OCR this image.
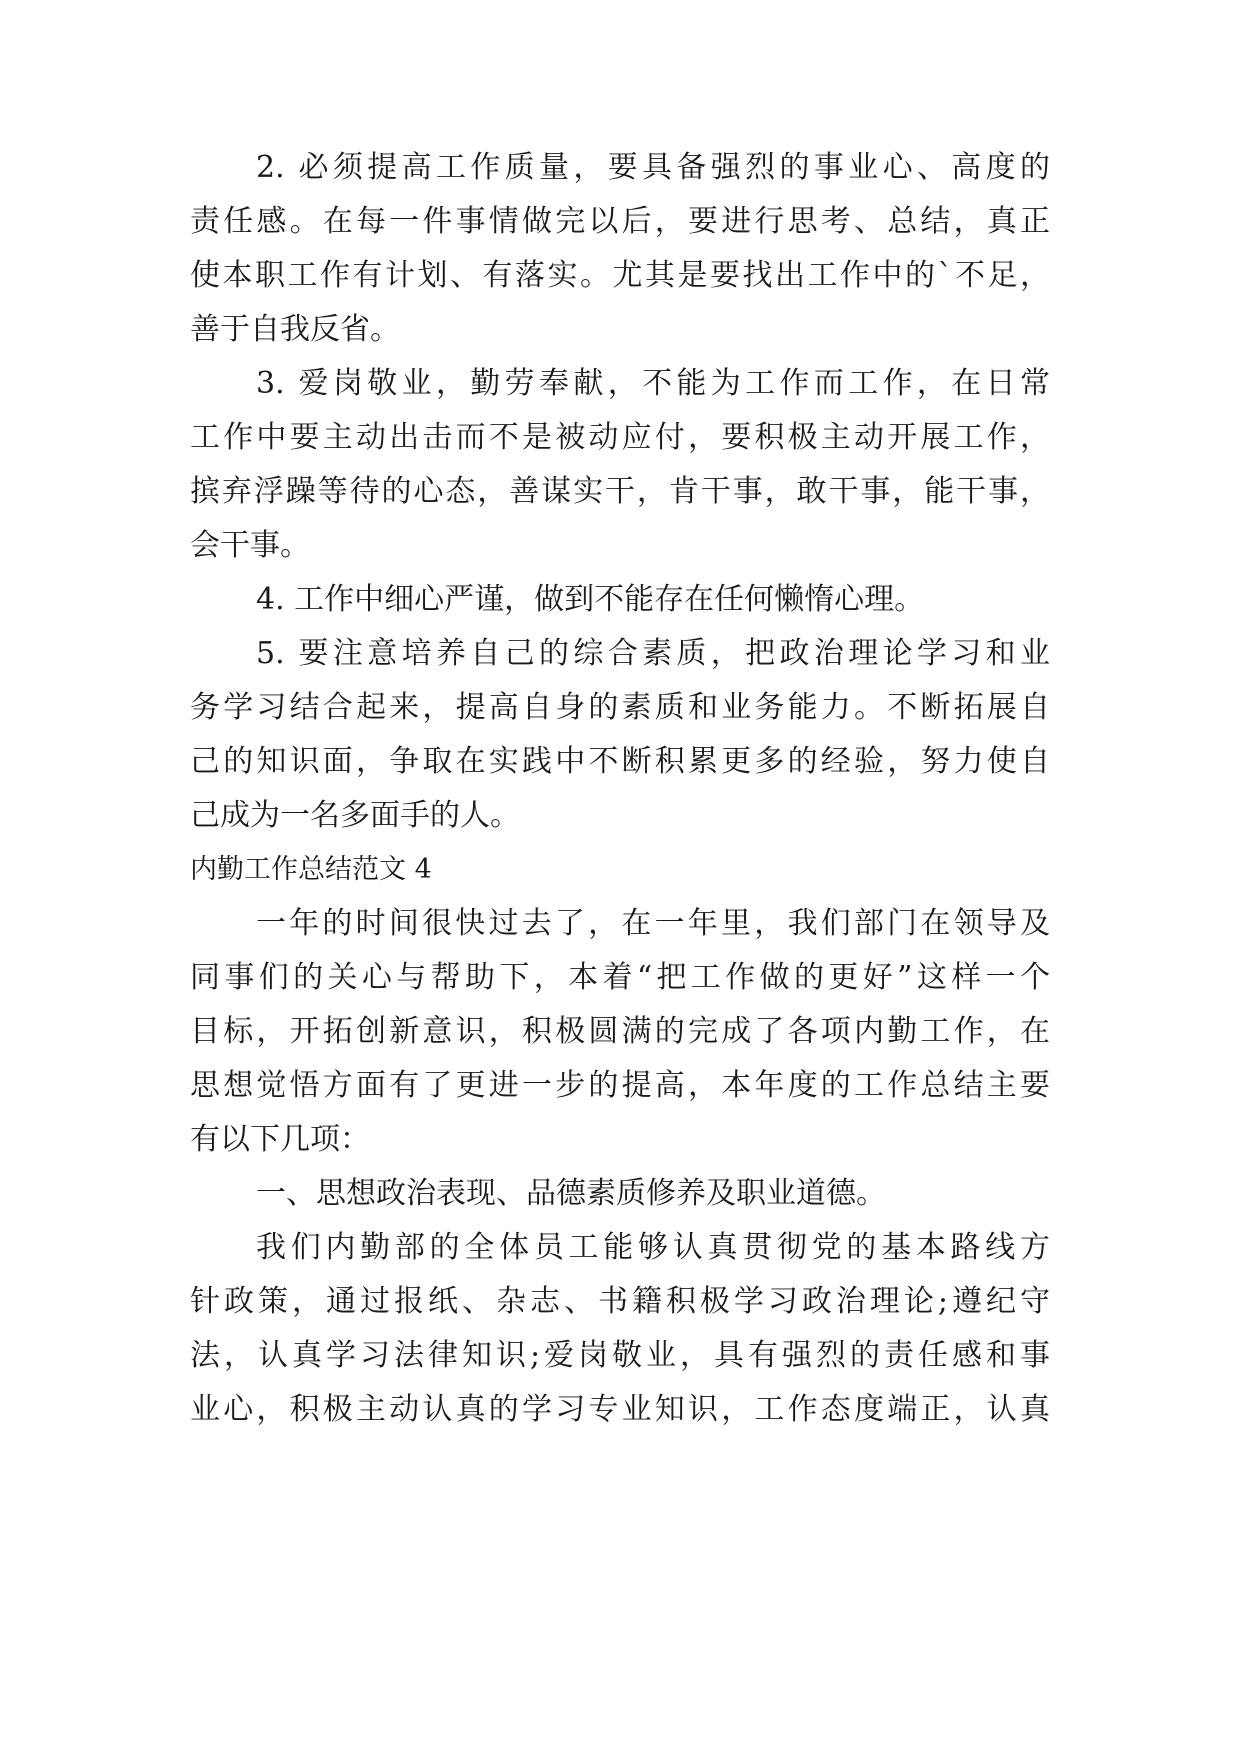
2. 必须提高工作质量，要具备强烈的事业心、高度的
责任感。在每一件事情做完以后，要进行思考、总结，真正
使本职工作有计划、有落实。尤其是要找出工作中的`不足，
善于自我反省。
3. 爱岗敬业，勤劳奉献，不能为工作而工作，在日常
工作中要主动出击而不是被动应付，要积极主动开展工作，
摈弃浮躁等待的心态，善谋实干，肯干事，敢干事，能干事，
会干事。
4. 工作中细心严谨，做到不能存在任何懒惰心理。
5. 要注意培养自己的综合素质，把政治理论学习和业
务学习结合起来，提高自身的素质和业务能力。不断拓展自
己的知识面，争取在实践中不断积累更多的经验，努力使自
己成为一名多面手的人。
内勤工作总结范文 4
一年的时间很快过去了，在一年里，我们部门在领导及
同事们的关心与帮助下，本着“把工作做的更好”这样一个
目标，开拓创新意识，积极圆满的完成了各项内勤工作，在
思想觉悟方面有了更进一步的提高，本年度的工作总结主要
有以下几项：
一、思想政治表现、品德素质修养及职业道德。
我们内勤部的全体员工能够认真贯彻党的基本路线方
针政策，通过报纸、杂志、书籍积极学习政治理论;遵纪守
法，认真学习法律知识;爱岗敬业，具有强烈的责任感和事
业心，积极主动认真的学习专业知识，工作态度端正，认真
